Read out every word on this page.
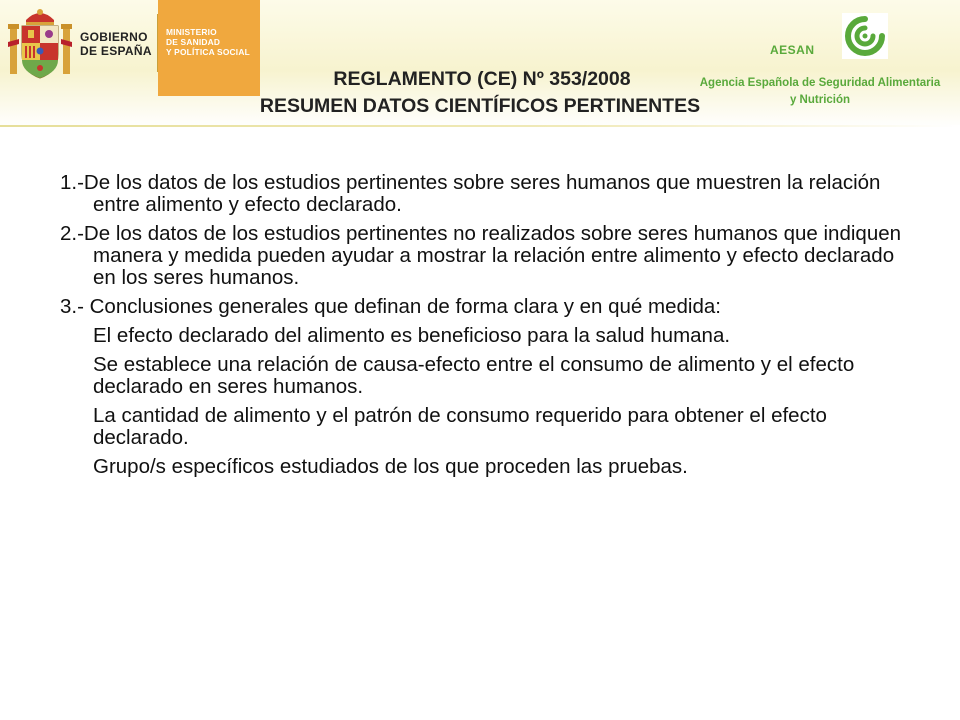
GOBIERNO
DE ESPAÑA
MINISTERIO
DE SANIDAD
Y POLÍTICA SOCIAL	AESAN
Agencia Española de Seguridad Alimentaria y Nutrición
REGLAMENTO (CE) Nº 353/2008
RESUMEN DATOS CIENTÍFICOS PERTINENTES
1.-De los datos de los estudios pertinentes sobre seres humanos que muestren la relación entre alimento y efecto declarado.
2.-De los datos de los estudios pertinentes no realizados sobre seres humanos que indiquen manera y medida pueden ayudar a mostrar la relación entre alimento y efecto declarado en los seres humanos.
3.- Conclusiones generales que definan de forma clara y en qué medida:
El efecto declarado del alimento es beneficioso para la salud humana.
Se establece una relación de causa-efecto entre el consumo de alimento y el efecto declarado en seres humanos.
La cantidad de alimento y el patrón de consumo requerido para obtener el efecto declarado.
Grupo/s específicos estudiados de los que proceden las pruebas.
